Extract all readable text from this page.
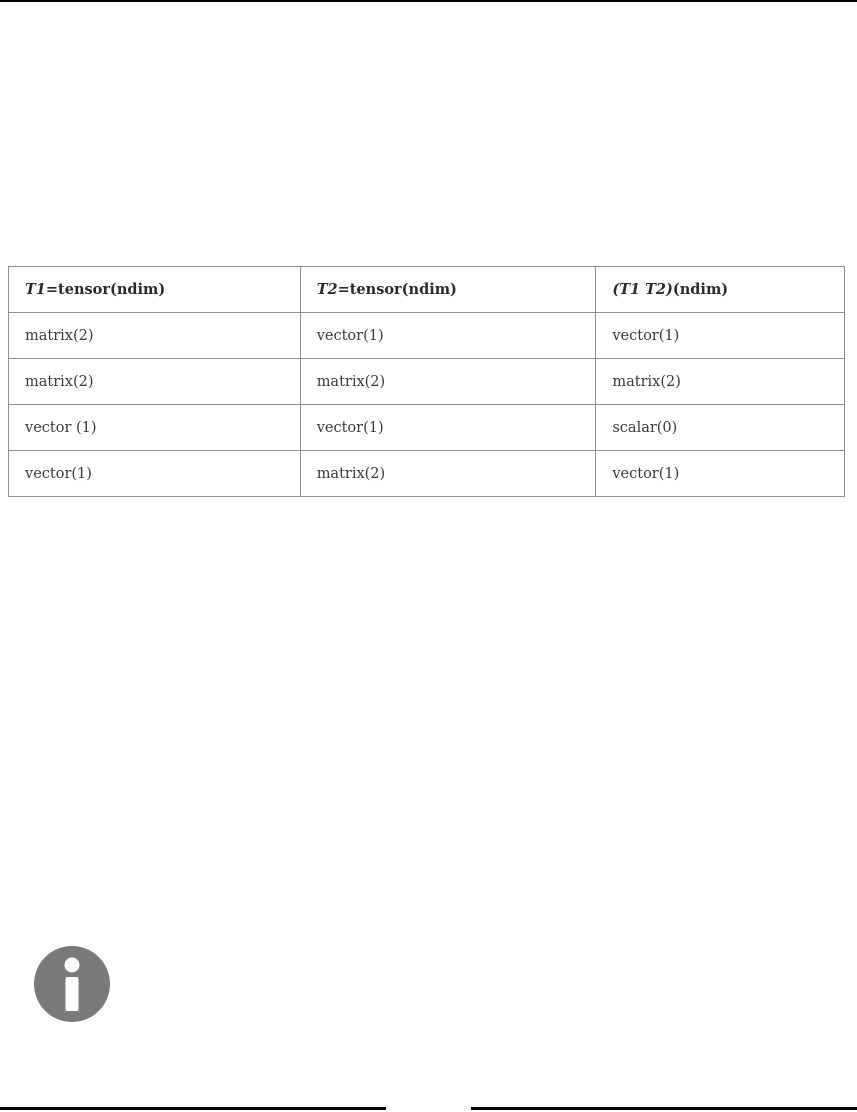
T1=tensor(ndim)	T2=tensor(ndim)	(T1 T2)(ndim)
matrix(2)	vector(1)	vector(1)
matrix(2)	matrix(2)	matrix(2)
vector (1)	vector(1)	scalar(0)
vector(1)	matrix(2)	vector(1)
